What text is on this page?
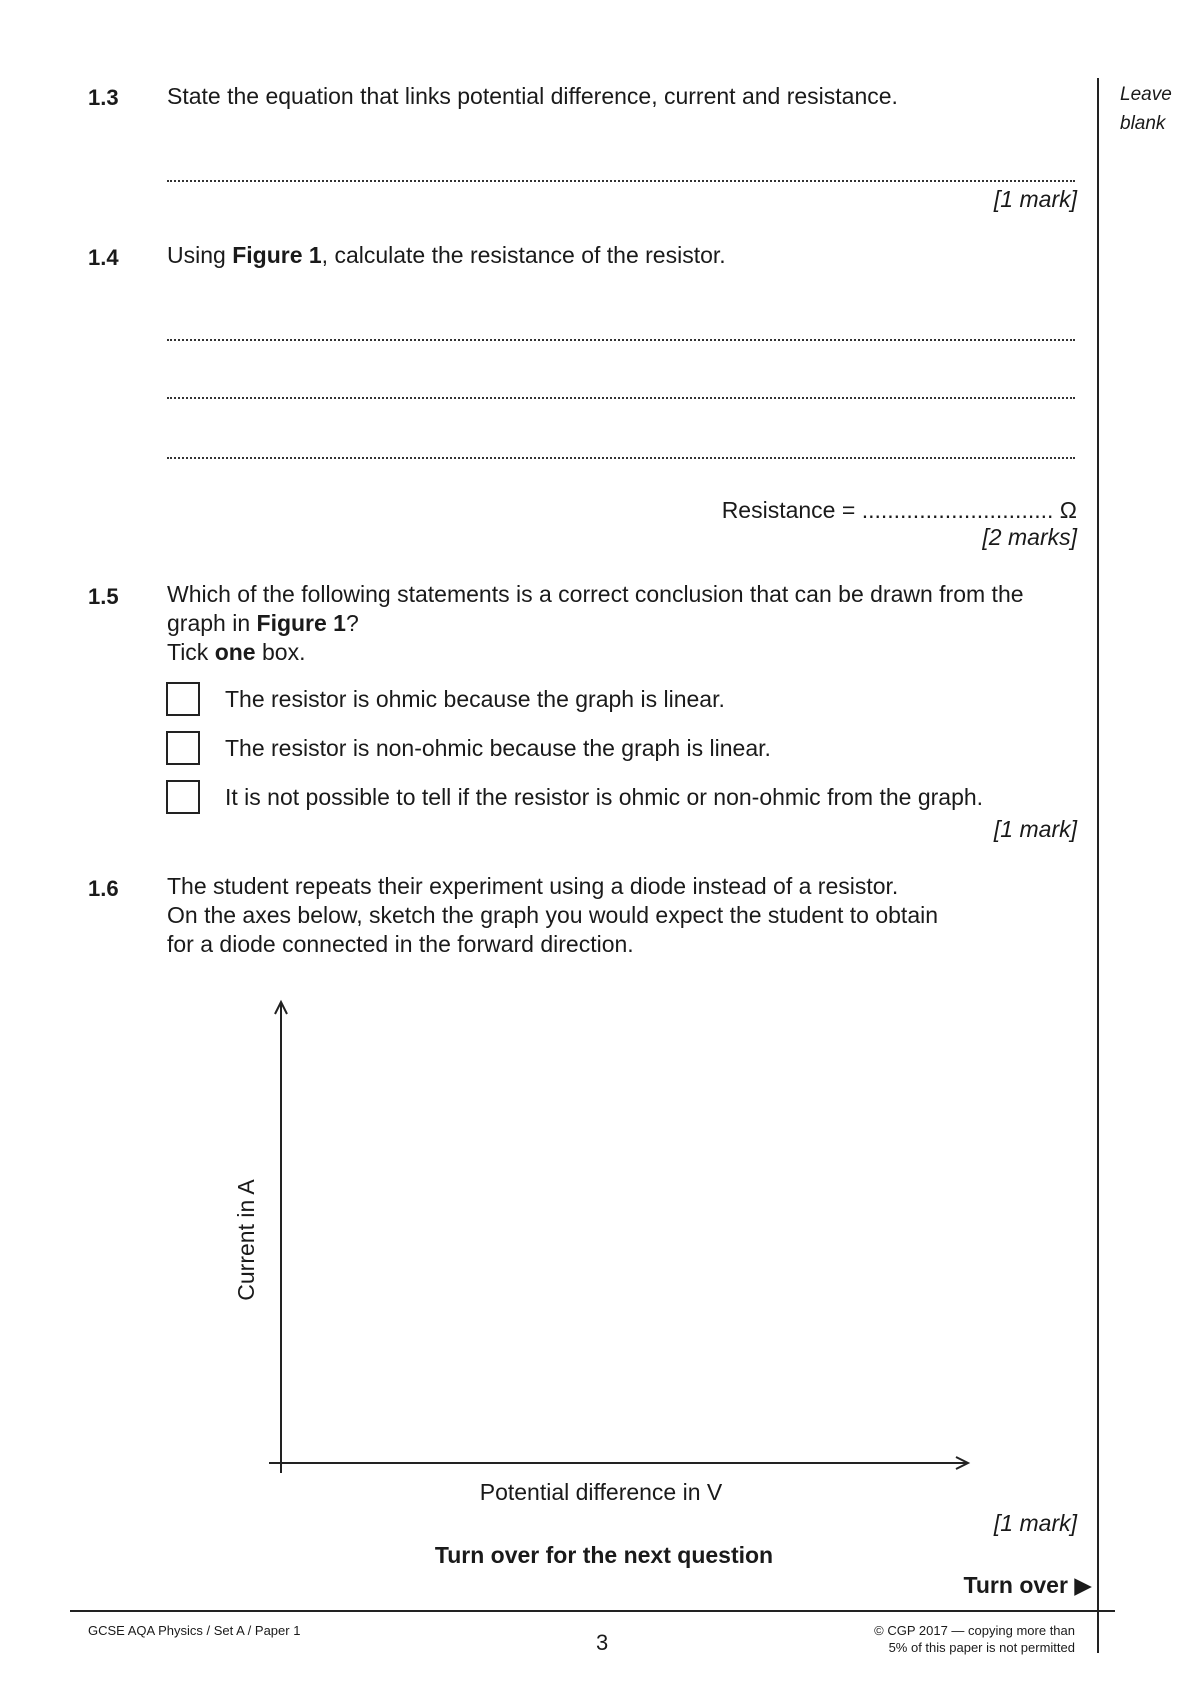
Leave
blank
1.3 State the equation that links potential difference, current and resistance.
[1 mark]
1.4 Using Figure 1, calculate the resistance of the resistor.
Resistance = .............................. Ω
[2 marks]
1.5 Which of the following statements is a correct conclusion that can be drawn from the
graph in Figure 1?
Tick one box.
The resistor is ohmic because the graph is linear.
The resistor is non-ohmic because the graph is linear.
It is not possible to tell if the resistor is ohmic or non-ohmic from the graph.
[1 mark]
1.6 The student repeats their experiment using a diode instead of a resistor.
On the axes below, sketch the graph you would expect the student to obtain
for a diode connected in the forward direction.
Current in A
Potential difference in V
[1 mark]
Turn over for the next question
Turn over ▶
GCSE AQA Physics / Set A / Paper 1	3	© CGP 2017 — copying more than
5% of this paper is not permitted
